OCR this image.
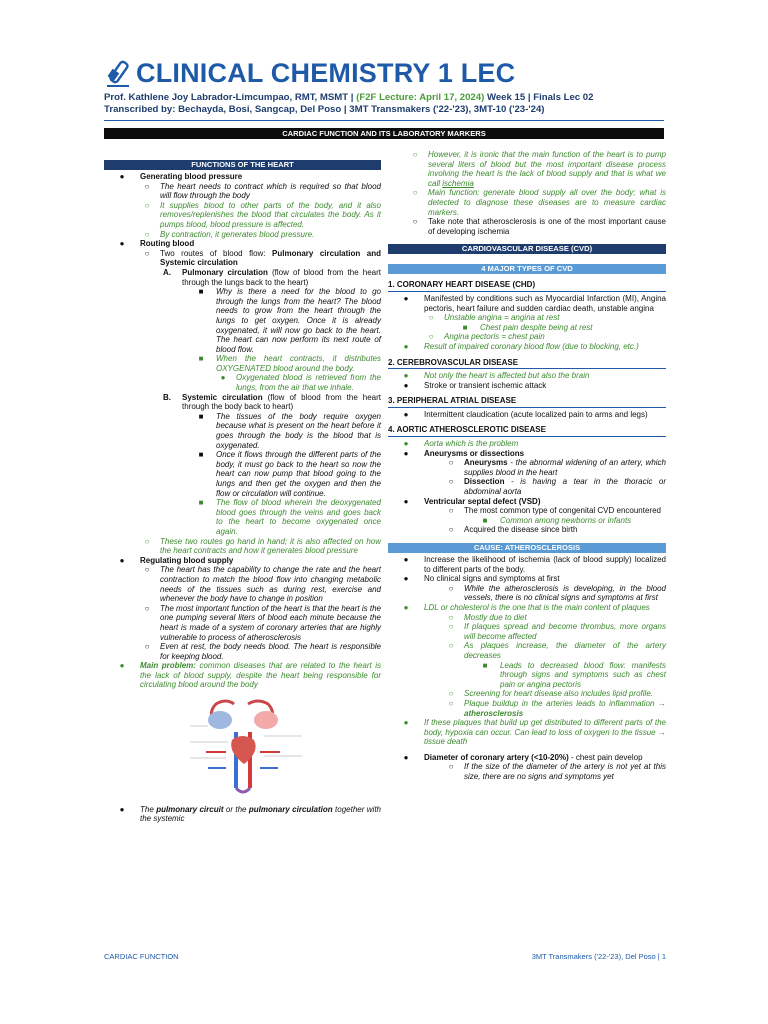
CLINICAL CHEMISTRY 1 LEC
Prof. Kathlene Joy Labrador-Limcumpao, RMT, MSMT | (F2F Lecture: April 17, 2024) Week 15 | Finals Lec 02
Transcribed by: Bechayda, Bosi, Sangcap, Del Poso | 3MT Transmakers ('22-'23), 3MT-10 ('23-'24)
CARDIAC FUNCTION AND ITS LABORATORY MARKERS
FUNCTIONS OF THE HEART
●	Generating blood pressure
○	The heart needs to contract which is required so that blood will flow through the body
○	It supplies blood to other parts of the body, and it also removes/replenishes the blood that circulates the body. As it pumps blood, blood pressure is affected.
○	By contraction, it generates blood pressure.
●	Routing blood
○	Two routes of blood flow: Pulmonary circulation and Systemic circulation
A.	Pulmonary circulation (flow of blood from the heart through the lungs back to the heart)
■	Why is there a need for the blood to go through the lungs from the heart? The blood needs to grow from the heart through the lungs to get oxygen. Once it is already oxygenated, it will now go back to the heart. The heart can now perform its next route of blood flow.
■	When the heart contracts, it distributes OXYGENATED blood around the body.
●	Oxygenated blood is retrieved from the lungs, from the air that we inhale.
B.	Systemic circulation (flow of blood from the heart through the body back to heart)
■	The tissues of the body require oxygen because what is present on the heart before it goes through the body is the blood that is oxygenated.
■	Once it flows through the different parts of the body, it must go back to the heart so now the heart can now pump that blood going to the lungs and then get the oxygen and then the flow or circulation will continue.
■	The flow of blood wherein the deoxygenated blood goes through the veins and goes back to the heart to become oxygenated once again.
○	These two routes go hand in hand; it is also affected on how the heart contracts and how it generates blood pressure
●	Regulating blood supply
○	The heart has the capability to change the rate and the heart contraction to match the blood flow into changing metabolic needs of the tissues such as during rest, exercise and whenever the body have to change in position
○	The most important function of the heart is that the heart is the one pumping several liters of blood each minute because the heart is made of a system of coronary arteries that are highly vulnerable to process of atherosclerosis
○	Even at rest, the body needs blood. The heart is responsible for keeping blood.
●	Main problem: common diseases that are related to the heart is the lack of blood supply, despite the heart being responsible for circulating blood around the body
●	The pulmonary circuit or the pulmonary circulation together with the systemic
○	However, it is ironic that the main function of the heart is to pump several liters of blood but the most important disease process involving the heart is the lack of blood supply and that is what we call ischemia
○	Main function: generate blood supply all over the body; what is detected to diagnose these diseases are to measure cardiac markers.
○	Take note that atherosclerosis is one of the most important cause of developing ischemia
CARDIOVASCULAR DISEASE (CVD)
4 MAJOR TYPES OF CVD
1. CORONARY HEART DISEASE (CHD)
●	Manifested by conditions such as Myocardial Infarction (MI), Angina pectoris, heart failure and sudden cardiac death, unstable angina
○	Unstable angina = angina at rest
■	Chest pain despite being at rest
○	Angina pectoris = chest pain
●	Result of impaired coronary blood flow (due to blocking, etc.)
2. CEREBROVASCULAR DISEASE
●	Not only the heart is affected but also the brain
●	Stroke or transient ischemic attack
3. PERIPHERAL ATRIAL DISEASE
●	Intermittent claudication (acute localized pain to arms and legs)
4. AORTIC ATHEROSCLEROTIC DISEASE
●	Aorta which is the problem
●	Aneurysms or dissections
○	Aneurysms - the abnormal widening of an artery, which supplies blood in the heart
○	Dissection - is having a tear in the thoracic or abdominal aorta
●	Ventricular septal defect (VSD)
○	The most common type of congenital CVD encountered
■	Common among newborns or infants
○	Acquired the disease since birth
CAUSE: ATHEROSCLEROSIS
●	Increase the likelihood of ischemia (lack of blood supply) localized to different parts of the body.
●	No clinical signs and symptoms at first
○	While the atherosclerosis is developing, in the blood vessels, there is no clinical signs and symptoms at first
●	LDL or cholesterol is the one that is the main content of plaques
○	Mostly due to diet
○	If plaques spread and become thrombus, more organs will become affected
○	As plaques increase, the diameter of the artery decreases
■	Leads to decreased blood flow: manifests through signs and symptoms such as chest pain or angina pectoris
○	Screening for heart disease also includes lipid profile.
○	Plaque buildup in the arteries leads to inflammation → atherosclerosis
●	If these plaques that build up get distributed to different parts of the body, hypoxia can occur. Can lead to loss of oxygen to the tissue → tissue death
●	Diameter of coronary artery (<10-20%) - chest pain develop
○	If the size of the diameter of the artery is not yet at this size, there are no signs and symptoms yet
CARDIAC FUNCTION	3MT Transmakers ('22-'23), Del Poso | 1
